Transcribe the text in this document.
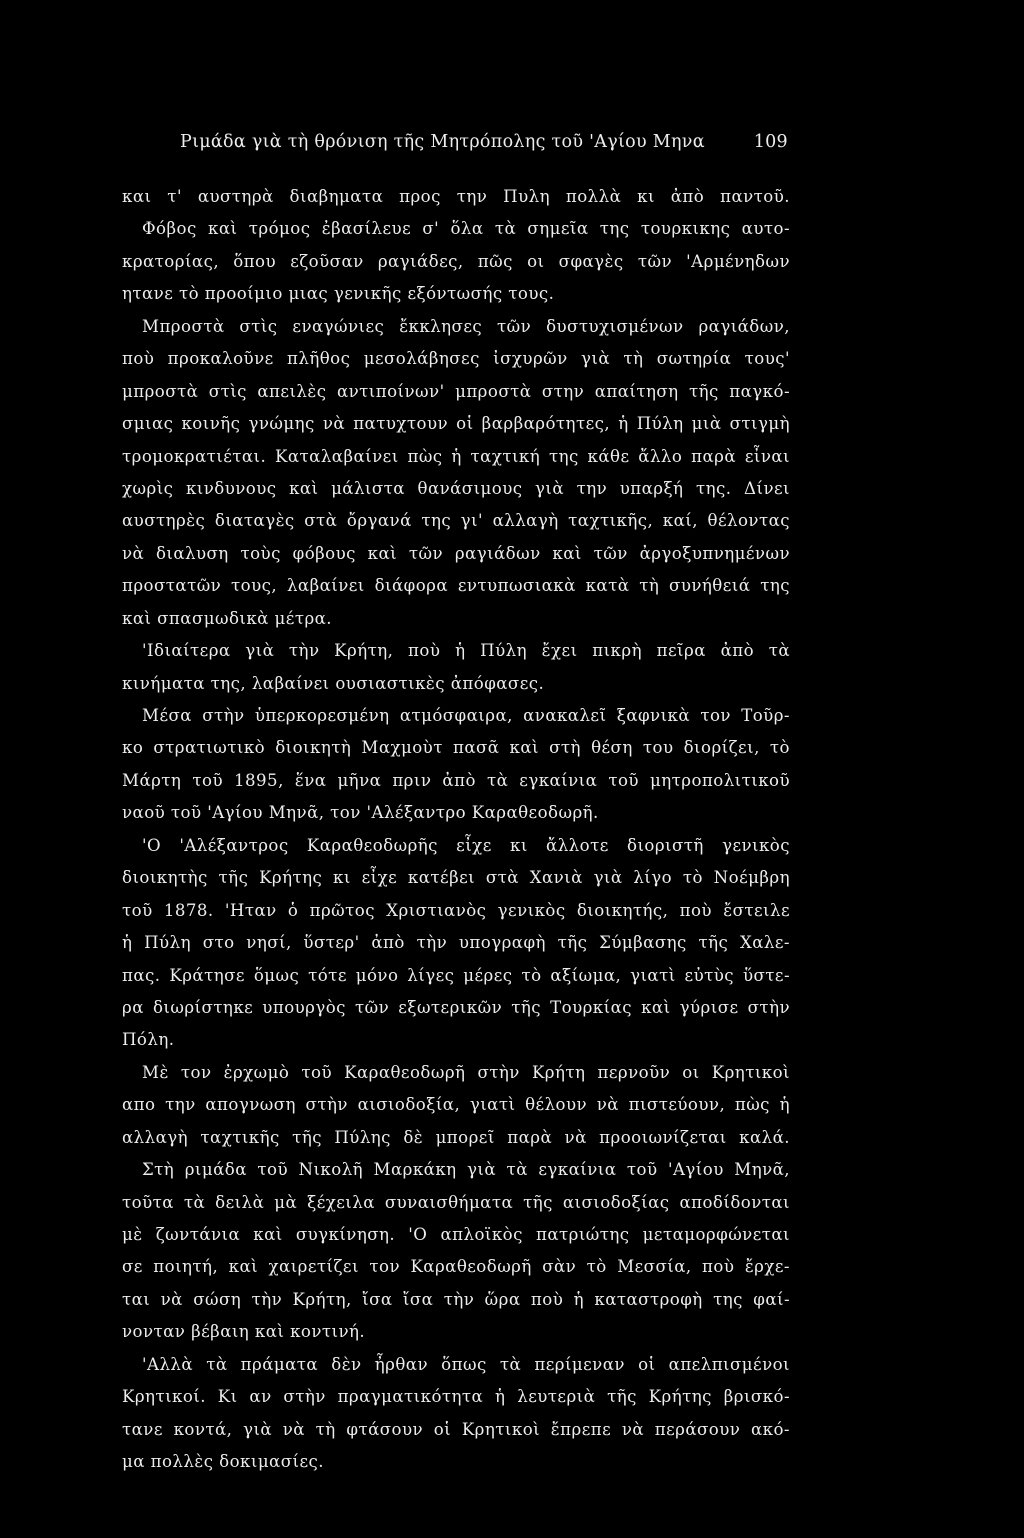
Ριμάδα γιὰ τὴ θρόνιση τῆς Μητρόπολης τοῦ 'Αγίου Μηνα	109
και τ' αυστηρὰ διαβηματα προς την Πυλη πολλὰ κι ἀπὸ παντοῦ.
Φόβος καὶ τρόμος ἐβασίλευε σ' ὅλα τὰ σημεῖα της τουρκικης αυτο-
κρατορίας, ὅπου εζοῦσαν ραγιάδες, πῶς οι σφαγὲς τῶν 'Αρμένηδων
ητανε τὸ προοίμιο μιας γενικῆς εξόντωσής τους.
Μπροστὰ στὶς εναγώνιες ἔκκλησες τῶν δυστυχισμένων ραγιάδων,
ποὺ προκαλοῦνε πλῆθος μεσολάβησες ἰσχυρῶν γιὰ τὴ σωτηρία τους'
μπροστὰ στὶς απειλὲς αντιποίνων' μπροστὰ στην απαίτηση τῆς παγκό-
σμιας κοινῆς γνώμης νὰ πατυχτουν οἱ βαρβαρότητες, ἡ Πύλη μιὰ στιγμὴ
τρομοκρατιέται. Καταλαβαίνει πὼς ἡ ταχτική της κάθε ἄλλο παρὰ εἶναι
χωρὶς κινδυνους καὶ μάλιστα θανάσιμους γιὰ την υπαρξή της. Δίνει
αυστηρὲς διαταγὲς στὰ ὄργανά της γι' αλλαγὴ ταχτικῆς, καί, θέλοντας
νὰ διαλυση τοὺς φόβους καὶ τῶν ραγιάδων καὶ τῶν ἀργοξυπνημένων
προστατῶν τους, λαβαίνει διάφορα εντυπωσιακὰ κατὰ τὴ συνήθειά της
καὶ σπασμωδικὰ μέτρα.
'Ιδιαίτερα γιὰ τὴν Κρήτη, ποὺ ἡ Πύλη ἔχει πικρὴ πεῖρα ἀπὸ τὰ
κινήματα της, λαβαίνει ουσιαστικὲς ἀπόφασες.
Μέσα στὴν ὑπερκορεσμένη ατμόσφαιρα, ανακαλεῖ ξαφνικὰ τον Τοῦρ-
κο στρατιωτικὸ διοικητὴ Μαχμοὺτ πασᾶ καὶ στὴ θέση του διορίζει, τὸ
Μάρτη τοῦ 1895, ἕνα μῆνα πριν ἀπὸ τὰ εγκαίνια τοῦ μητροπολιτικοῦ
ναοῦ τοῦ 'Αγίου Μηνᾶ, τον 'Αλέξαντρο Καραθεοδωρῆ.
'Ο 'Αλέξαντρος Καραθεοδωρῆς εἶχε κι ἄλλοτε διοριστῆ γενικὸς
διοικητὴς τῆς Κρήτης κι εἶχε κατέβει στὰ Χανιὰ γιὰ λίγο τὸ Νοέμβρη
τοῦ 1878. 'Ηταν ὁ πρῶτος Χριστιανὸς γενικὸς διοικητής, ποὺ ἔστειλε
ἡ Πύλη στο νησί, ὕστερ' ἀπὸ τὴν υπογραφὴ τῆς Σύμβασης τῆς Χαλε-
πας. Κράτησε ὅμως τότε μόνο λίγες μέρες τὸ αξίωμα, γιατὶ εὐτὺς ὕστε-
ρα διωρίστηκε υπουργὸς τῶν εξωτερικῶν τῆς Τουρκίας καὶ γύρισε στὴν
Πόλη.
Μὲ τον ἐρχωμὸ τοῦ Καραθεοδωρῆ στὴν Κρήτη περνοῦν οι Κρητικοὶ
απο την απογνωση στὴν αισιοδοξία, γιατὶ θέλουν νὰ πιστεύουν, πὼς ἡ
αλλαγὴ ταχτικῆς τῆς Πύλης δὲ μπορεῖ παρὰ νὰ προοιωνίζεται καλά.
Στὴ ριμάδα τοῦ Νικολῆ Μαρκάκη γιὰ τὰ εγκαίνια τοῦ 'Αγίου Μηνᾶ,
τοῦτα τὰ δειλὰ μὰ ξέχειλα συναισθήματα τῆς αισιοδοξίας αποδίδονται
μὲ ζωντάνια καὶ συγκίνηση. 'Ο απλοϊκὸς πατριώτης μεταμορφώνεται
σε ποιητή, καὶ χαιρετίζει τον Καραθεοδωρῆ σὰν τὸ Μεσσία, ποὺ ἔρχε-
ται νὰ σώση τὴν Κρήτη, ἴσα ἴσα τὴν ὥρα ποὺ ἡ καταστροφὴ της φαί-
νονταν βέβαιη καὶ κοντινή.
'Αλλὰ τὰ πράματα δὲν ἦρθαν ὅπως τὰ περίμεναν οἱ απελπισμένοι
Κρητικοί. Κι αν στὴν πραγματικότητα ἡ λευτεριὰ τῆς Κρήτης βρισκό-
τανε κοντά, γιὰ νὰ τὴ φτάσουν οἱ Κρητικοὶ ἔπρεπε νὰ περάσουν ακό-
μα πολλὲς δοκιμασίες.
